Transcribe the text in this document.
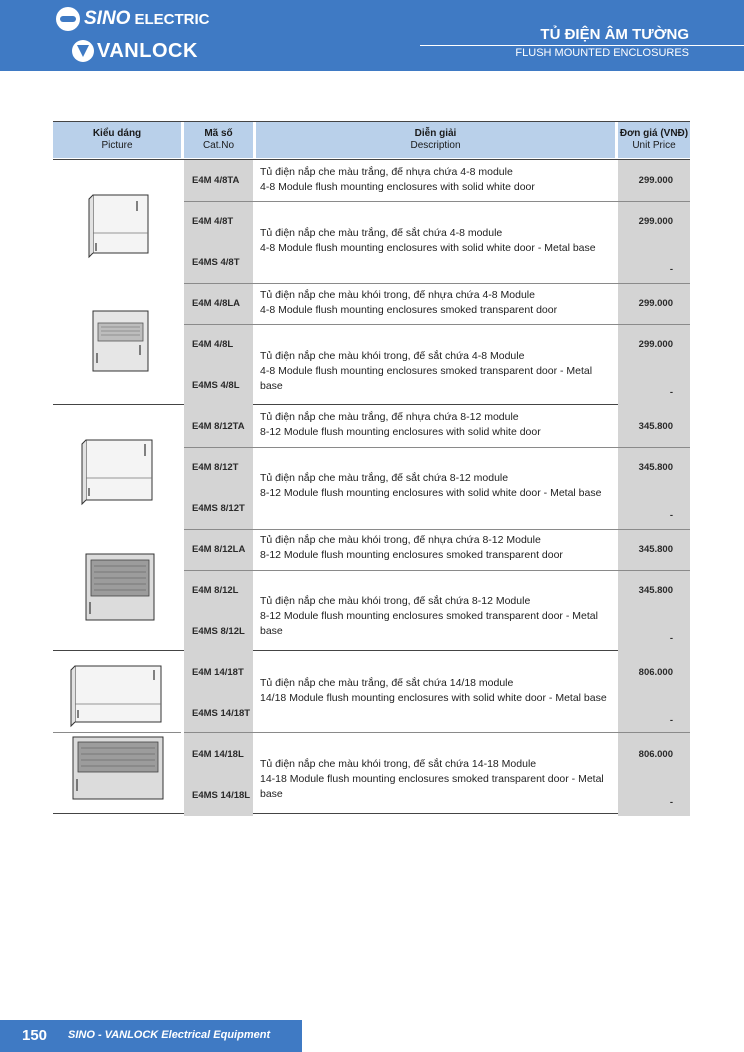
SINO ELECTRIC
VANLOCK
TỦ ĐIỆN ÂM TƯỜNG
FLUSH MOUNTED ENCLOSURES
Kiểu dáng
Picture
Mã số
Cat.No
Diễn giải
Description
Đơn giá (VNĐ)
Unit Price
E4M 4/8TA
E4M 4/8T
E4MS 4/8T
E4M 4/8LA
E4M 4/8L
E4MS 4/8L
E4M 8/12TA
E4M 8/12T
E4MS 8/12T
E4M 8/12LA
E4M 8/12L
E4MS 8/12L
E4M 14/18T
E4MS 14/18T
E4M 14/18L
E4MS 14/18L
299.000
299.000
-
299.000
299.000
-
345.800
345.800
-
345.800
345.800
-
806.000
-
806.000
-
Tủ điện nắp che màu trắng, đế nhựa chứa 4-8 module
4-8 Module flush mounting enclosures with solid white door
Tủ điện nắp che màu trắng, đế sắt chứa 4-8 module
4-8 Module flush mounting enclosures with solid white door - Metal base
Tủ điện nắp che màu khói trong, đế nhựa chứa 4-8 Module
4-8 Module flush mounting enclosures smoked transparent door
Tủ điện nắp che màu khói trong, đế sắt chứa 4-8 Module
4-8 Module flush mounting enclosures smoked transparent door - Metal base
Tủ điện nắp che màu trắng, đế nhựa chứa 8-12 module
8-12 Module flush mounting enclosures with solid white door
Tủ điện nắp che màu trắng, đế sắt chứa 8-12 module
8-12 Module flush mounting enclosures with solid white door - Metal base
Tủ điện nắp che màu khói trong, đế nhựa chứa 8-12 Module
8-12 Module flush mounting enclosures smoked transparent door
Tủ điện nắp che màu khói trong, đế sắt chứa 8-12 Module
8-12 Module flush mounting enclosures smoked transparent door - Metal base
Tủ điện nắp che màu trắng, đế sắt chứa 14/18 module
14/18 Module flush mounting enclosures with solid white door - Metal base
Tủ điện nắp che màu khói trong, đế sắt chứa 14-18 Module
14-18 Module flush mounting enclosures smoked transparent door - Metal base
150 SINO - VANLOCK Electrical Equipment
